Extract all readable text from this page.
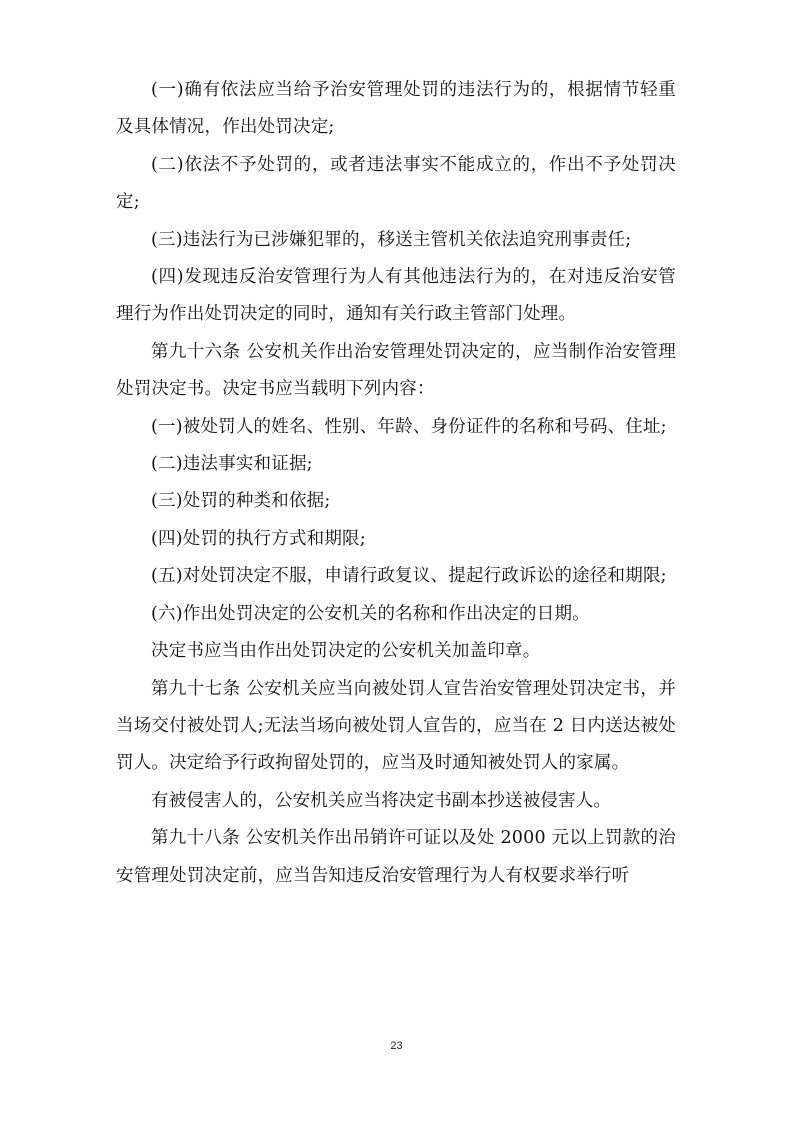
(一)确有依法应当给予治安管理处罚的违法行为的，根据情节轻重及具体情况，作出处罚决定;

(二)依法不予处罚的，或者违法事实不能成立的，作出不予处罚决定;

(三)违法行为已涉嫌犯罪的，移送主管机关依法追究刑事责任;

(四)发现违反治安管理行为人有其他违法行为的，在对违反治安管理行为作出处罚决定的同时，通知有关行政主管部门处理。

第九十六条 公安机关作出治安管理处罚决定的，应当制作治安管理处罚决定书。决定书应当载明下列内容：

(一)被处罚人的姓名、性别、年龄、身份证件的名称和号码、住址;

(二)违法事实和证据;

(三)处罚的种类和依据;

(四)处罚的执行方式和期限;

(五)对处罚决定不服，申请行政复议、提起行政诉讼的途径和期限;

(六)作出处罚决定的公安机关的名称和作出决定的日期。

决定书应当由作出处罚决定的公安机关加盖印章。

第九十七条 公安机关应当向被处罚人宣告治安管理处罚决定书，并当场交付被处罚人;无法当场向被处罚人宣告的，应当在 2 日内送达被处罚人。决定给予行政拘留处罚的，应当及时通知被处罚人的家属。

有被侵害人的，公安机关应当将决定书副本抄送被侵害人。

第九十八条 公安机关作出吊销许可证以及处 2000 元以上罚款的治安管理处罚决定前，应当告知违反治安管理行为人有权要求举行听

23
